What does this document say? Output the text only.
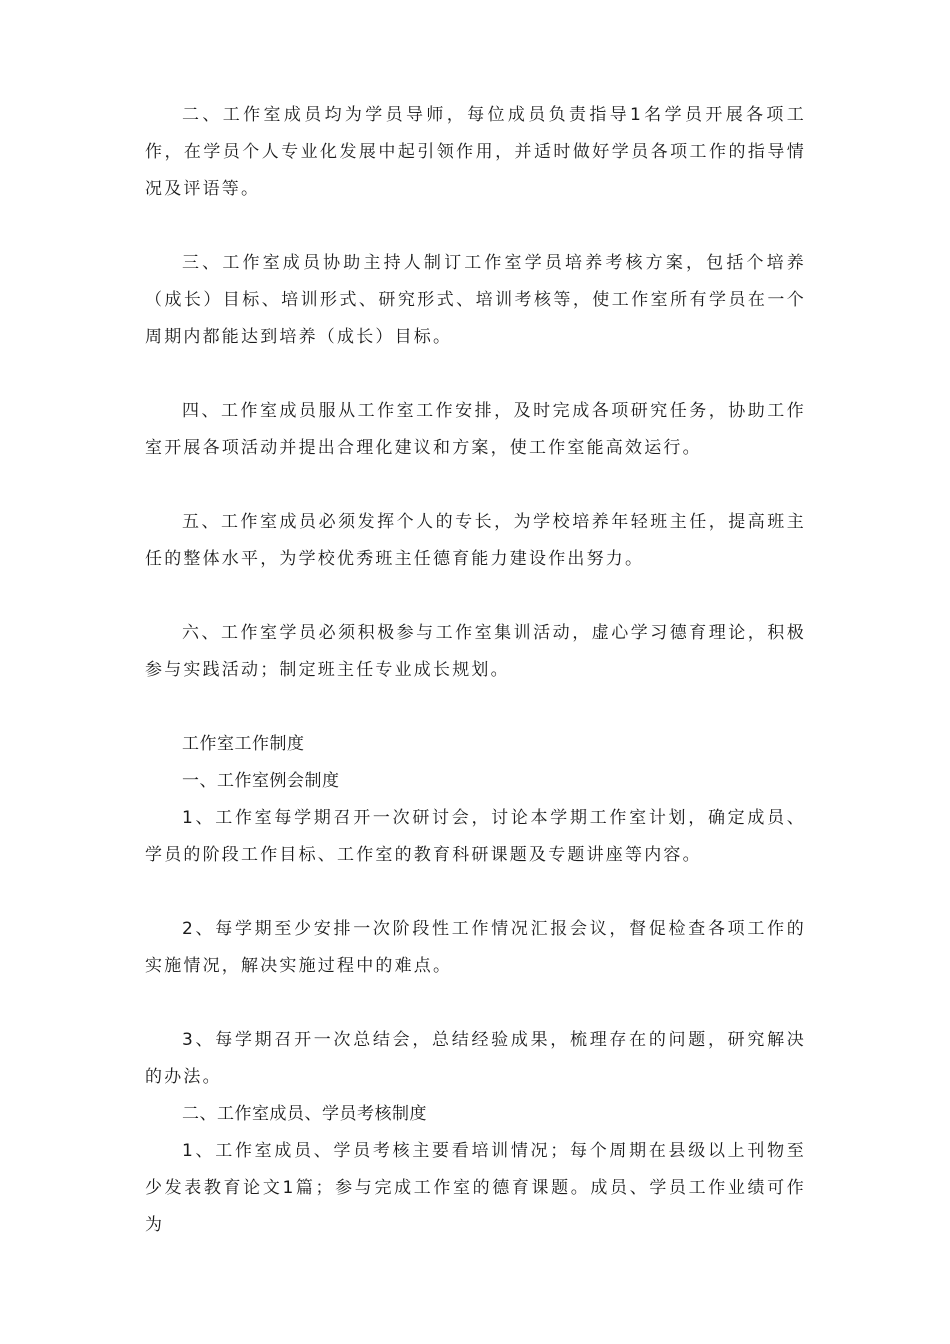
二、工作室成员均为学员导师，每位成员负责指导1名学员开展各项工作，在学员个人专业化发展中起引领作用，并适时做好学员各项工作的指导情况及评语等。

三、工作室成员协助主持人制订工作室学员培养考核方案，包括个培养（成长）目标、培训形式、研究形式、培训考核等，使工作室所有学员在一个周期内都能达到培养（成长）目标。

四、工作室成员服从工作室工作安排，及时完成各项研究任务，协助工作室开展各项活动并提出合理化建议和方案，使工作室能高效运行。

五、工作室成员必须发挥个人的专长，为学校培养年轻班主任，提高班主任的整体水平，为学校优秀班主任德育能力建设作出努力。

六、工作室学员必须积极参与工作室集训活动，虚心学习德育理论，积极参与实践活动；制定班主任专业成长规划。

工作室工作制度

一、工作室例会制度

1、工作室每学期召开一次研讨会，讨论本学期工作室计划，确定成员、学员的阶段工作目标、工作室的教育科研课题及专题讲座等内容。

2、每学期至少安排一次阶段性工作情况汇报会议，督促检查各项工作的实施情况，解决实施过程中的难点。

3、每学期召开一次总结会，总结经验成果，梳理存在的问题，研究解决的办法。

二、工作室成员、学员考核制度

1、工作室成员、学员考核主要看培训情况；每个周期在县级以上刊物至少发表教育论文1篇；参与完成工作室的德育课题。成员、学员工作业绩可作为
